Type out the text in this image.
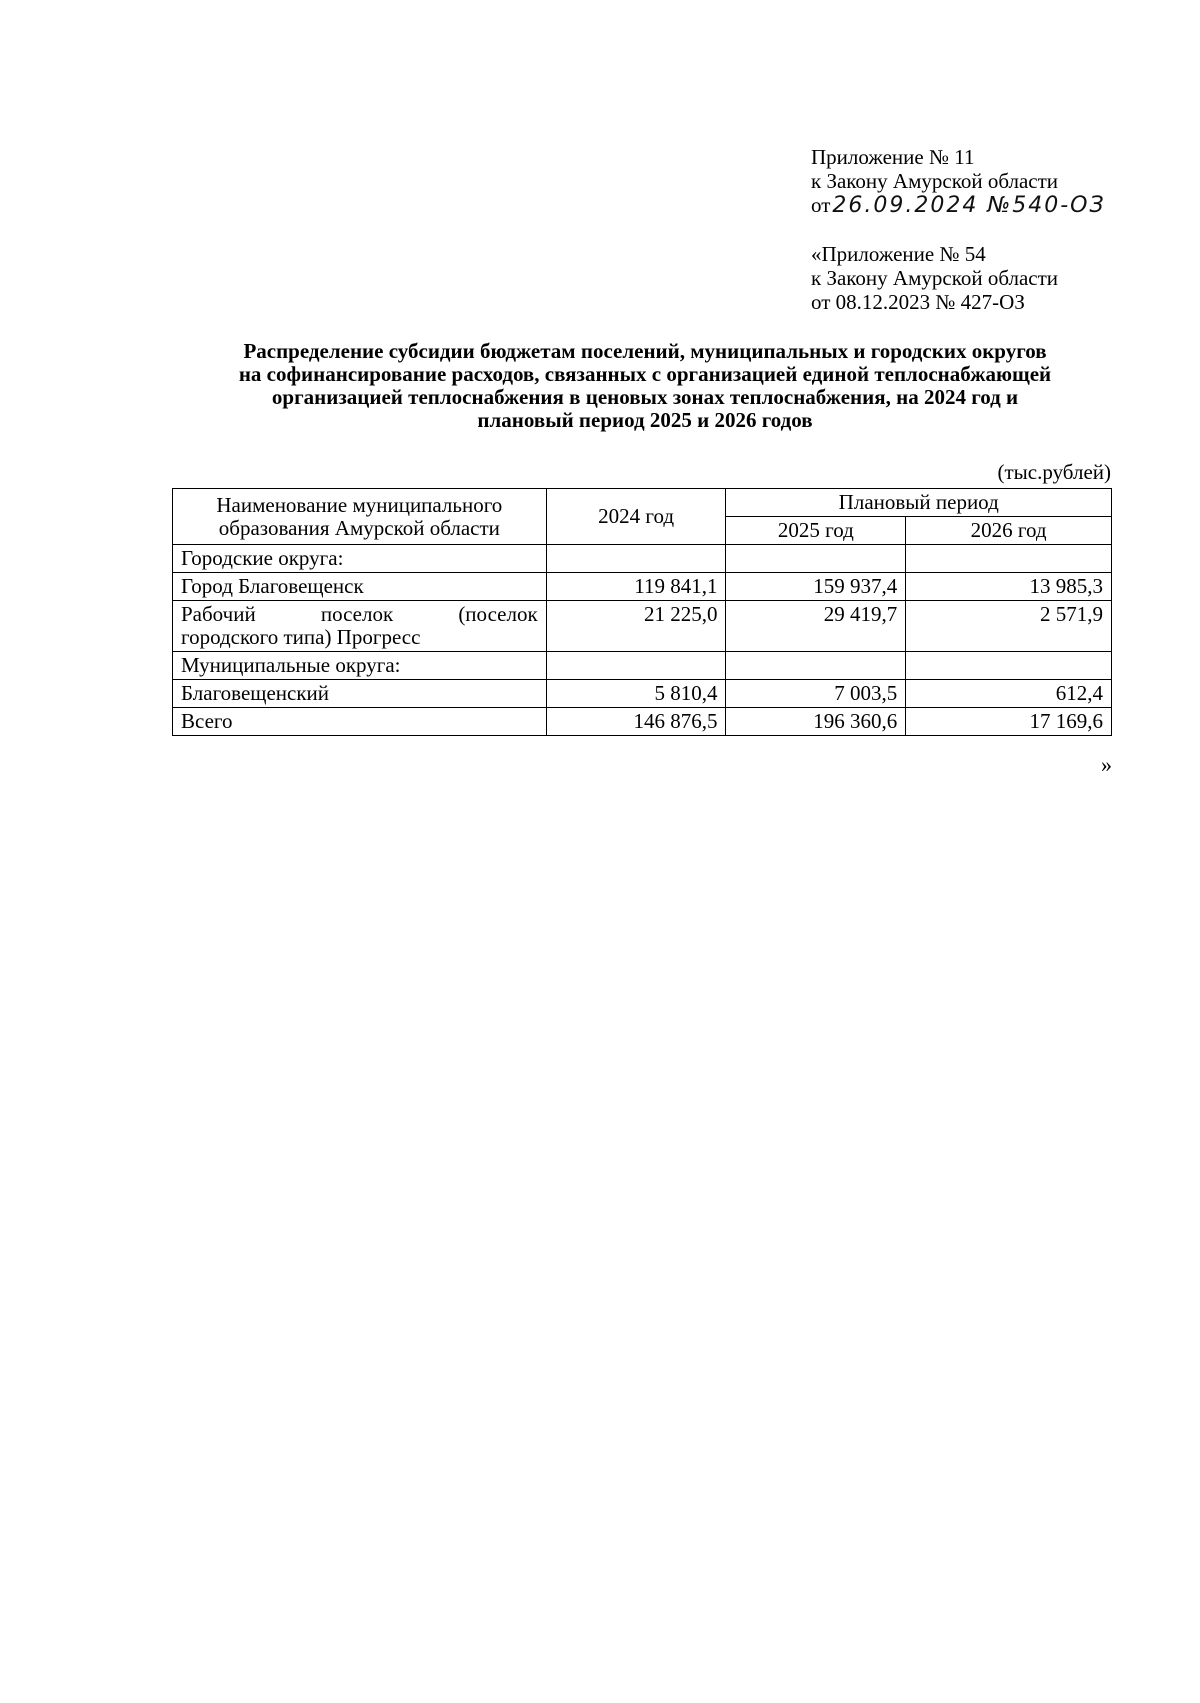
Приложение № 11
к Закону Амурской области
от26.09.2024 №540-ОЗ
«Приложение № 54
к Закону Амурской области
от 08.12.2023 № 427-ОЗ
Распределение субсидии бюджетам поселений, муниципальных и городских округов
на софинансирование расходов, связанных с организацией единой теплоснабжающей
организацией теплоснабжения в ценовых зонах теплоснабжения, на 2024 год и
плановый период 2025 и 2026 годов
(тыс.рублей)
Наименование муниципального
образования Амурской области	2024 год	Плановый период	
		2025 год	2026 год
Городские округа:			
Город Благовещенск	119 841,1	159 937,4	13 985,3

Рабочий поселок (поселок
городского типа) Прогресс	21 225,0	29 419,7	2 571,9
Муниципальные округа:			
Благовещенский	5 810,4	7 003,5	612,4
Всего	146 876,5	196 360,6	17 169,6
»
